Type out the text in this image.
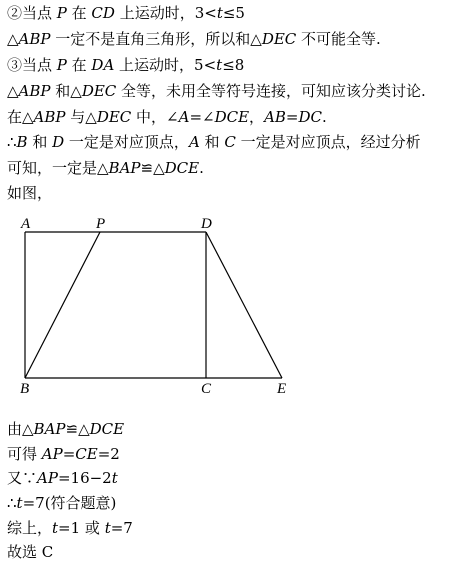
②当点 P 在 CD 上运动时，3<t≤5
△ABP 一定不是直角三角形，所以和△DEC 不可能全等.
③当点 P 在 DA 上运动时，5<t≤8
△ABP 和△DEC 全等，未用全等符号连接，可知应该分类讨论.
在△ABP 与△DEC 中，∠A=∠DCE，AB=DC.
∴B 和 D 一定是对应顶点，A 和 C 一定是对应顶点，经过分析
可知，一定是△BAP≌△DCE.
如图，
由△BAP≌△DCE
可得 AP=CE=2
又∵AP=16−2t
∴t=7(符合题意)
综上，t=1 或 t=7
故选 C
A	P	D
B	C	E
